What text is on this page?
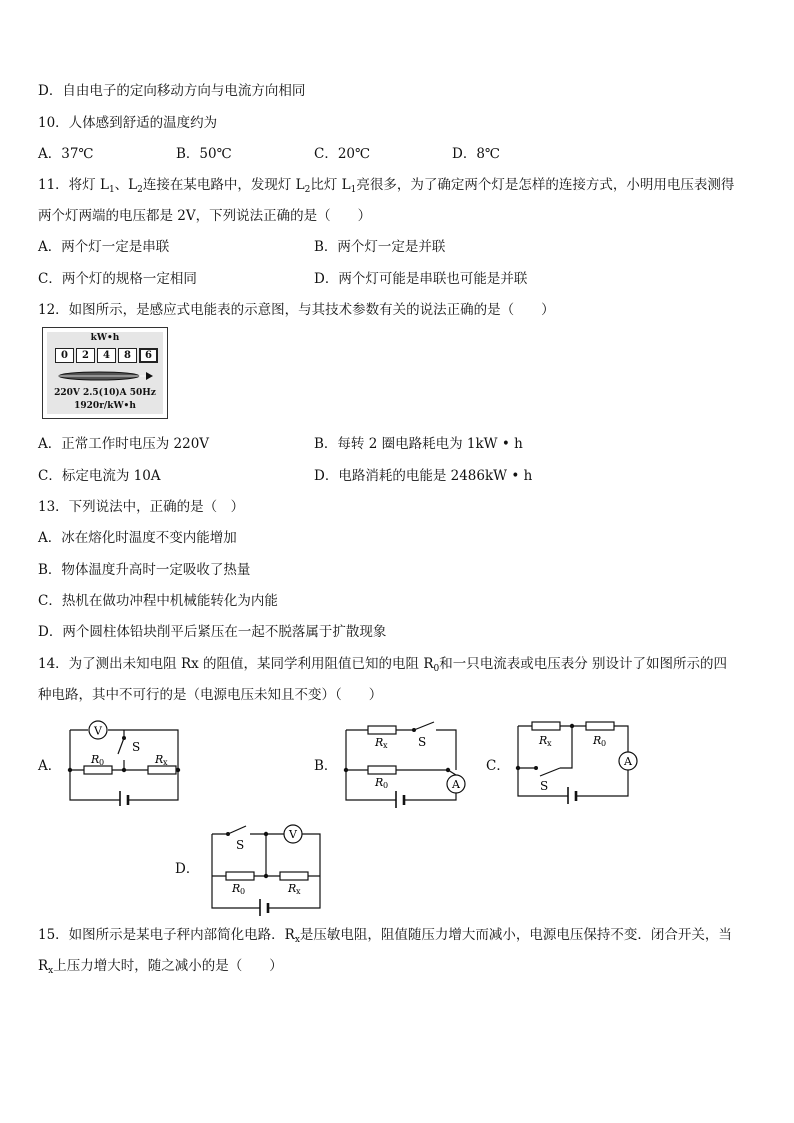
D．自由电子的定向移动方向与电流方向相同
10．人体感到舒适的温度约为
A．37℃	B．50℃	C．20℃	D．8℃
11．将灯 $L_1$、$L_2$连接在某电路中，发现灯 $L_2$比灯 $L_1$亮很多，为了确定两个灯是怎样的连接方式，小明用电压表测得
两个灯两端的电压都是 2V，下列说法正确的是（　　）
A．两个灯一定是串联	B．两个灯一定是并联
C．两个灯的规格一定相同	D．两个灯可能是串联也可能是并联
12．如图所示，是感应式电能表的示意图，与其技术参数有关的说法正确的是（　　）
kW•h
0	2	4	8	6
220V 2.5(10)A 50Hz
1920r/kW•h
A．正常工作时电压为 220V	B．每转 2 圈电路耗电为 1kW • h
C．标定电流为 10A	D．电路消耗的电能是 2486kW • h
13．下列说法中，正确的是（　）
A．冰在熔化时温度不变内能增加
B．物体温度升高时一定吸收了热量
C．热机在做功冲程中机械能转化为内能
D．两个圆柱体铅块削平后紧压在一起不脱落属于扩散现象
14．为了测出未知电阻 Rx 的阻值，某同学利用阻值已知的电阻 $R_0$和一只电流表或电压表分 别设计了如图所示的四
种电路，其中不可行的是（电源电压未知且不变）（　　）
A．
V
S
R 0	R x	B．
A
S
R x
R 0
C．	A
S
R x	R 0
D．
V
S
R 0	R x
15．如图所示是某电子秤内部简化电路．$R_x$是压敏电阻，阻值随压力增大而减小，电源电压保持不变．闭合开关，当
$R_x$上压力增大时，随之减小的是（　　）
